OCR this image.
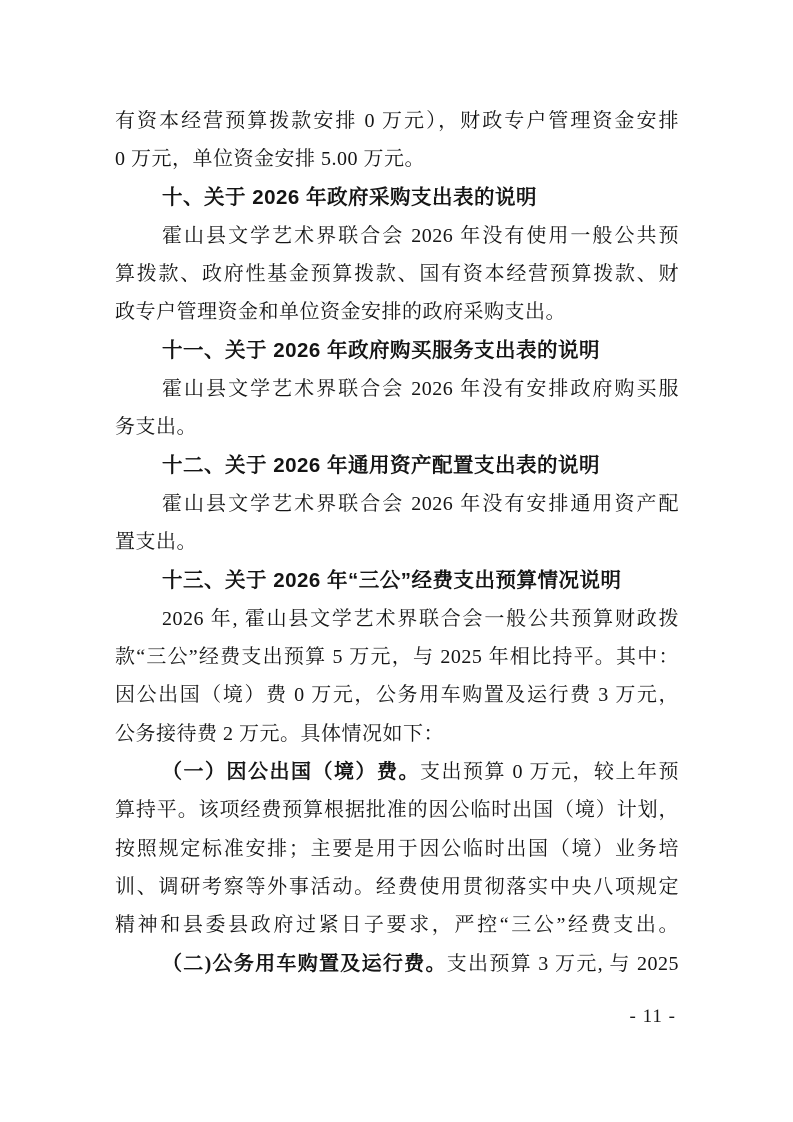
有资本经营预算拨款安排 0 万元），财政专户管理资金安排
0 万元，单位资金安排 5.00 万元。
十、关于 2026 年政府采购支出表的说明
霍山县文学艺术界联合会 2026 年没有使用一般公共预
算拨款、政府性基金预算拨款、国有资本经营预算拨款、财
政专户管理资金和单位资金安排的政府采购支出。
十一、关于 2026 年政府购买服务支出表的说明
霍山县文学艺术界联合会 2026 年没有安排政府购买服
务支出。
十二、关于 2026 年通用资产配置支出表的说明
霍山县文学艺术界联合会 2026 年没有安排通用资产配
置支出。
十三、关于 2026 年“三公”经费支出预算情况说明
2026 年, 霍山县文学艺术界联合会一般公共预算财政拨
款“三公”经费支出预算 5 万元，与 2025 年相比持平。其中：
因公出国（境）费 0 万元，公务用车购置及运行费 3 万元，
公务接待费 2 万元。具体情况如下：
（一）因公出国（境）费。支出预算 0 万元，较上年预
算持平。该项经费预算根据批准的因公临时出国（境）计划，
按照规定标准安排；主要是用于因公临时出国（境）业务培
训、调研考察等外事活动。经费使用贯彻落实中央八项规定
精神和县委县政府过紧日子要求，严控“三公”经费支出。
（二)公务用车购置及运行费。支出预算 3 万元, 与 2025
- 11 -
